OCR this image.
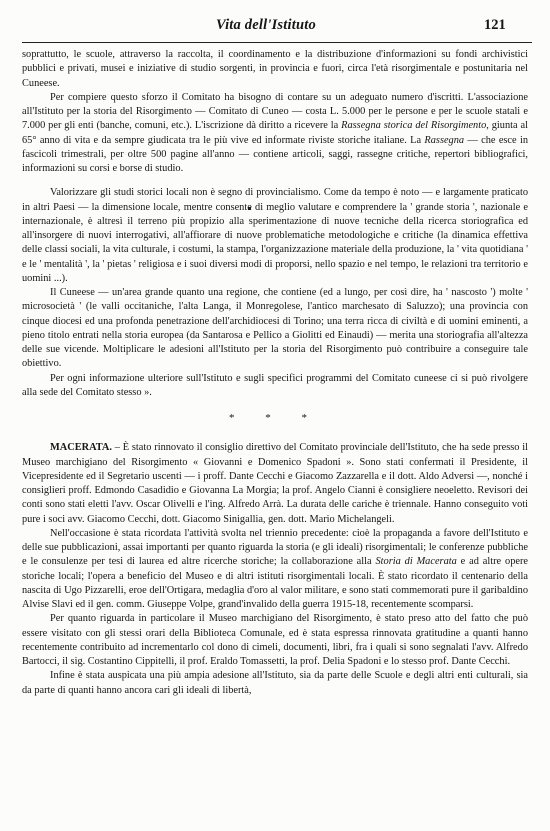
Vita dell'Istituto	121

soprattutto, le scuole, attraverso la raccolta, il coordinamento e la distribuzione d'informazioni su fondi archivistici pubblici e privati, musei e iniziative di studio sorgenti, in provincia e fuori, circa l'età risorgimentale e postunitaria nel Cuneese.

Per compiere questo sforzo il Comitato ha bisogno di contare su un adeguato numero d'iscritti. L'associazione all'Istituto per la storia del Risorgimento — Comitato di Cuneo — costa L. 5.000 per le persone e per le scuole statali e 7.000 per gli enti (banche, comuni, etc.). L'iscrizione dà diritto a ricevere la Rassegna storica del Risorgimento, giunta al 65° anno di vita e da sempre giudicata tra le più vive ed informate riviste storiche italiane. La Rassegna — che esce in fascicoli trimestrali, per oltre 500 pagine all'anno — contiene articoli, saggi, rassegne critiche, repertori bibliografici, informazioni su corsi e borse di studio.

Valorizzare gli studi storici locali non è segno di provincialismo. Come da tempo è noto — e largamente praticato in altri Paesi — la dimensione locale, mentre consente di meglio valutare e comprendere la ' grande storia ', nazionale e internazionale, è altresì il terreno più propizio alla sperimentazione di nuove tecniche della ricerca storiografica ed all'insorgere di nuovi interrogativi, all'affiorare di nuove problematiche metodologiche e critiche (la dinamica effettiva delle classi sociali, la vita culturale, i costumi, la stampa, l'organizzazione materiale della produzione, la ' vita quotidiana ' e le ' mentalità ', la ' pietas ' religiosa e i suoi diversi modi di proporsi, nello spazio e nel tempo, le relazioni tra territorio e uomini ...).

Il Cuneese — un'area grande quanto una regione, che contiene (ed a lungo, per così dire, ha ' nascosto ') molte ' microsocietà ' (le valli occitaniche, l'alta Langa, il Monregolese, l'antico marchesato di Saluzzo); una provincia con cinque diocesi ed una profonda penetrazione dell'archidiocesi di Torino; una terra ricca di civiltà e di uomini eminenti, a pieno titolo entrati nella storia europea (da Santarosa e Pellico a Giolitti ed Einaudi) — merita una storiografia all'altezza delle sue vicende. Moltiplicare le adesioni all'Istituto per la storia del Risorgimento può contribuire a conseguire tale obiettivo.

Per ogni informazione ulteriore sull'Istituto e sugli specifici programmi del Comitato cuneese ci si può rivolgere alla sede del Comitato stesso ».

* * *

MACERATA. – È stato rinnovato il consiglio direttivo del Comitato provinciale dell'Istituto, che ha sede presso il Museo marchigiano del Risorgimento « Giovanni e Domenico Spadoni ». Sono stati confermati il Presidente, il Vicepresidente ed il Segretario uscenti — i proff. Dante Cecchi e Giacomo Zazzarella e il dott. Aldo Adversi —, nonché i consiglieri proff. Edmondo Casadidio e Giovanna La Morgia; la prof. Angelo Cianni è consigliere neoeletto. Revisori dei conti sono stati eletti l'avv. Oscar Olivelli e l'ing. Alfredo Arrà. La durata delle cariche è triennale. Hanno conseguito voti pure i soci avv. Giacomo Cecchi, dott. Giacomo Sinigallia, gen. dott. Mario Michelangeli.

Nell'occasione è stata ricordata l'attività svolta nel triennio precedente: cioè la propaganda a favore dell'Istituto e delle sue pubblicazioni, assai importanti per quanto riguarda la storia (e gli ideali) risorgimentali; le conferenze pubbliche e le consulenze per tesi di laurea ed altre ricerche storiche; la collaborazione alla Storia di Macerata e ad altre opere storiche locali; l'opera a beneficio del Museo e di altri istituti risorgimentali locali. È stato ricordato il centenario della nascita di Ugo Pizzarelli, eroe dell'Ortigara, medaglia d'oro al valor militare, e sono stati commemorati pure il garibaldino Alvise Slavi ed il gen. comm. Giuseppe Volpe, grand'invalido della guerra 1915-18, recentemente scomparsi.

Per quanto riguarda in particolare il Museo marchigiano del Risorgimento, è stato preso atto del fatto che può essere visitato con gli stessi orari della Biblioteca Comunale, ed è stata espressa rinnovata gratitudine a quanti hanno recentemente contribuito ad incrementarlo col dono di cimeli, documenti, libri, fra i quali si sono segnalati l'avv. Alfredo Bartocci, il sig. Costantino Cippitelli, il prof. Eraldo Tomassetti, la prof. Delia Spadoni e lo stesso prof. Dante Cecchi.

Infine è stata auspicata una più ampia adesione all'Istituto, sia da parte delle Scuole e degli altri enti culturali, sia da parte di quanti hanno ancora cari gli ideali di libertà,
